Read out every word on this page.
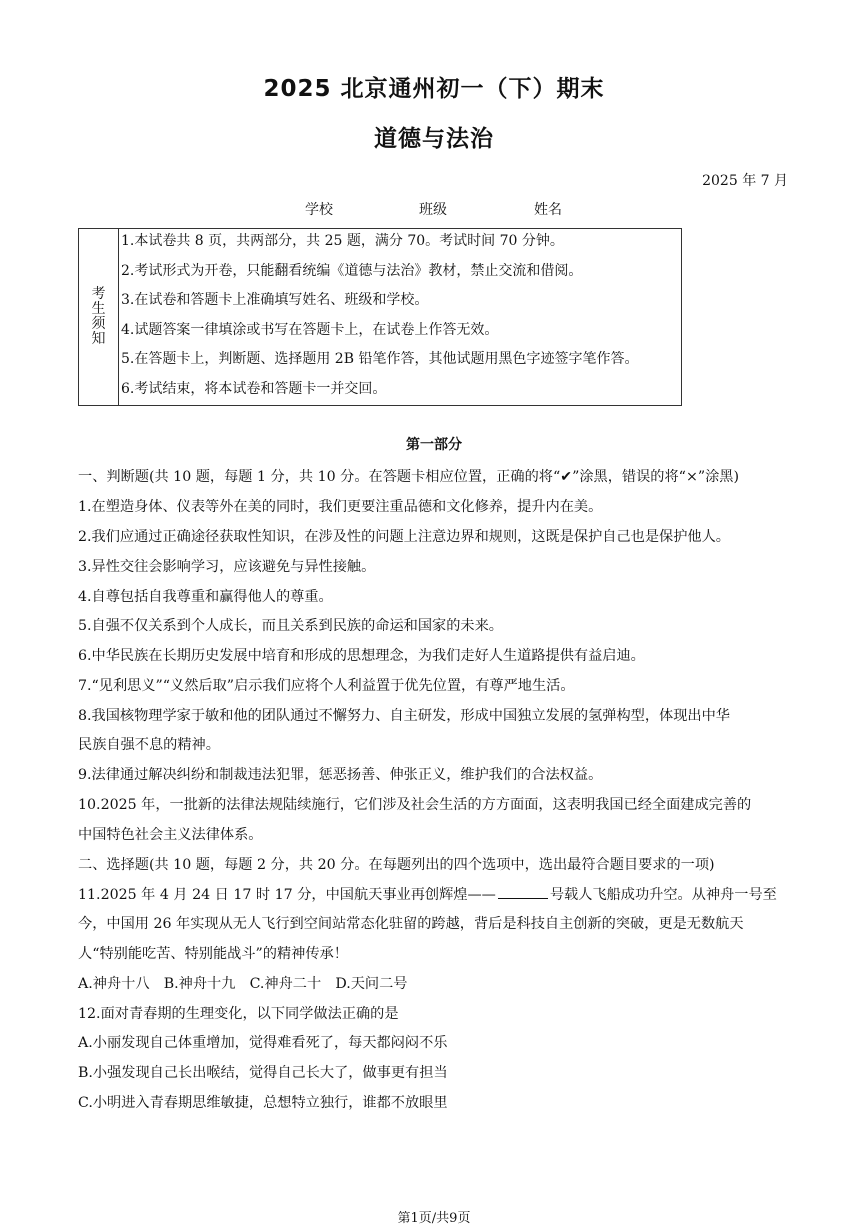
2025 北京通州初一（下）期末
道德与法治
2025 年 7 月
学校	班级	姓名
考
生
须
知
1.本试卷共 8 页，共两部分，共 25 题，满分 70。考试时间 70 分钟。
2.考试形式为开卷，只能翻看统编《道德与法治》教材，禁止交流和借阅。
3.在试卷和答题卡上准确填写姓名、班级和学校。
4.试题答案一律填涂或书写在答题卡上，在试卷上作答无效。
5.在答题卡上，判断题、选择题用 2B 铅笔作答，其他试题用黑色字迹签字笔作答。
6.考试结束，将本试卷和答题卡一并交回。
第一部分
一、判断题(共 10 题，每题 1 分，共 10 分。在答题卡相应位置，正确的将“✔”涂黑，错误的将“×”涂黑)
1.在塑造身体、仪表等外在美的同时，我们更要注重品德和文化修养，提升内在美。
2.我们应通过正确途径获取性知识，在涉及性的问题上注意边界和规则，这既是保护自己也是保护他人。
3.异性交往会影响学习，应该避免与异性接触。
4.自尊包括自我尊重和赢得他人的尊重。
5.自强不仅关系到个人成长，而且关系到民族的命运和国家的未来。
6.中华民族在长期历史发展中培育和形成的思想理念，为我们走好人生道路提供有益启迪。
7.“见利思义”“义然后取”启示我们应将个人利益置于优先位置，有尊严地生活。
8.我国核物理学家于敏和他的团队通过不懈努力、自主研发，形成中国独立发展的氢弹构型，体现出中华
民族自强不息的精神。
9.法律通过解决纠纷和制裁违法犯罪，惩恶扬善、伸张正义，维护我们的合法权益。
10.2025 年，一批新的法律法规陆续施行，它们涉及社会生活的方方面面，这表明我国已经全面建成完善的
中国特色社会主义法律体系。
二、选择题(共 10 题，每题 2 分，共 20 分。在每题列出的四个选项中，选出最符合题目要求的一项)
11.2025 年 4 月 24 日 17 时 17 分，中国航天事业再创辉煌——	号载人飞船成功升空。从神舟一号至
今，中国用 26 年实现从无人飞行到空间站常态化驻留的跨越，背后是科技自主创新的突破，更是无数航天
人“特别能吃苦、特别能战斗”的精神传承！
A.神舟十八　B.神舟十九　C.神舟二十　D.天问二号
12.面对青春期的生理变化，以下同学做法正确的是
A.小丽发现自己体重增加，觉得难看死了，每天都闷闷不乐
B.小强发现自己长出喉结，觉得自己长大了，做事更有担当
C.小明进入青春期思维敏捷，总想特立独行，谁都不放眼里
第1页/共9页
